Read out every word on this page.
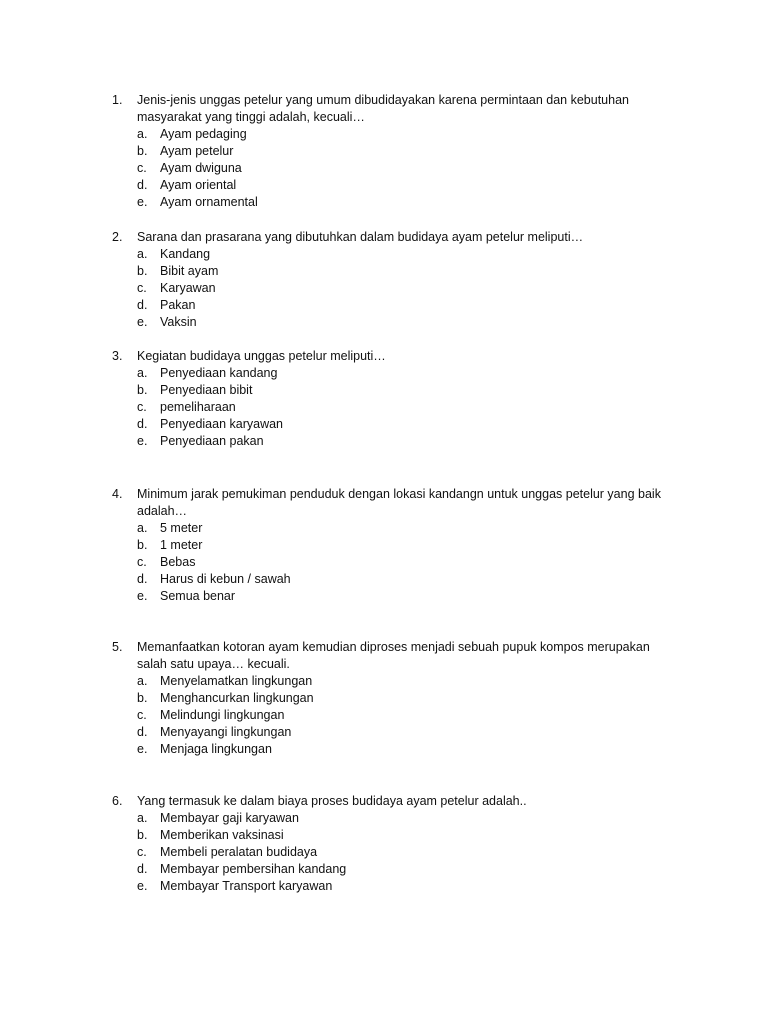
1.	Jenis-jenis unggas petelur yang umum dibudidayakan karena permintaan dan kebutuhan masyarakat yang tinggi adalah, kecuali…
a. Ayam pedaging
b. Ayam petelur
c. Ayam dwiguna
d. Ayam oriental
e. Ayam ornamental
2.	Sarana dan prasarana yang dibutuhkan dalam budidaya ayam petelur meliputi…
a. Kandang
b. Bibit ayam
c. Karyawan
d. Pakan
e. Vaksin
3.	Kegiatan budidaya unggas petelur meliputi…
a. Penyediaan kandang
b. Penyediaan bibit
c. pemeliharaan
d. Penyediaan karyawan
e. Penyediaan pakan
4.	Minimum jarak pemukiman penduduk dengan lokasi kandangn untuk unggas petelur yang baik adalah…
a. 5 meter
b. 1 meter
c. Bebas
d. Harus di kebun / sawah
e. Semua benar
5.	Memanfaatkan kotoran ayam kemudian diproses menjadi sebuah pupuk kompos merupakan salah satu upaya… kecuali.
a. Menyelamatkan lingkungan
b. Menghancurkan lingkungan
c. Melindungi lingkungan
d. Menyayangi lingkungan
e. Menjaga lingkungan
6.	Yang termasuk ke dalam biaya proses budidaya ayam petelur adalah..
a. Membayar gaji karyawan
b. Memberikan vaksinasi
c. Membeli peralatan budidaya
d. Membayar pembersihan kandang
e. Membayar Transport karyawan
